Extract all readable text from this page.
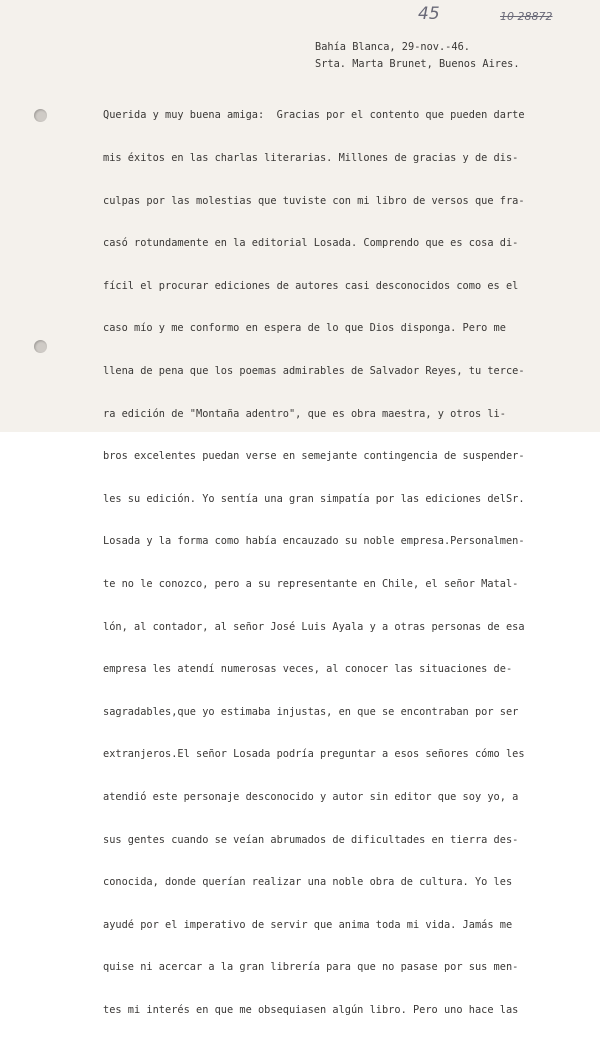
45	10 28872

Bahía Blanca, 29-nov.-46.

Srta. Marta Brunet, Buenos Aires.

Querida y muy buena amiga:  Gracias por el contento que pueden darte

mis éxitos en las charlas literarias. Millones de gracias y de dis-

culpas por las molestias que tuviste con mi libro de versos que fra-

casó rotundamente en la editorial Losada. Comprendo que es cosa di-

fícil el procurar ediciones de autores casi desconocidos como es el

caso mío y me conformo en espera de lo que Dios disponga. Pero me

llena de pena que los poemas admirables de Salvador Reyes, tu terce-

ra edición de "Montaña adentro", que es obra maestra, y otros li-

bros excelentes puedan verse en semejante contingencia de suspender-

les su edición. Yo sentía una gran simpatía por las ediciones delSr.

Losada y la forma como había encauzado su noble empresa.Personalmen-

te no le conozco, pero a su representante en Chile, el señor Matal-

lón, al contador, al señor José Luis Ayala y a otras personas de esa

empresa les atendí numerosas veces, al conocer las situaciones de-

sagradables,que yo estimaba injustas, en que se encontraban por ser

extranjeros.El señor Losada podría preguntar a esos señores cómo les

atendió este personaje desconocido y autor sin editor que soy yo, a

sus gentes cuando se veían abrumados de dificultades en tierra des-

conocida, donde querían realizar una noble obra de cultura. Yo les

ayudé por el imperativo de servir que anima toda mi vida. Jamás me

quise ni acercar a la gran librería para que no pasase por sus men-

tes mi interés en que me obsequiasen algún libro. Pero uno hace las
